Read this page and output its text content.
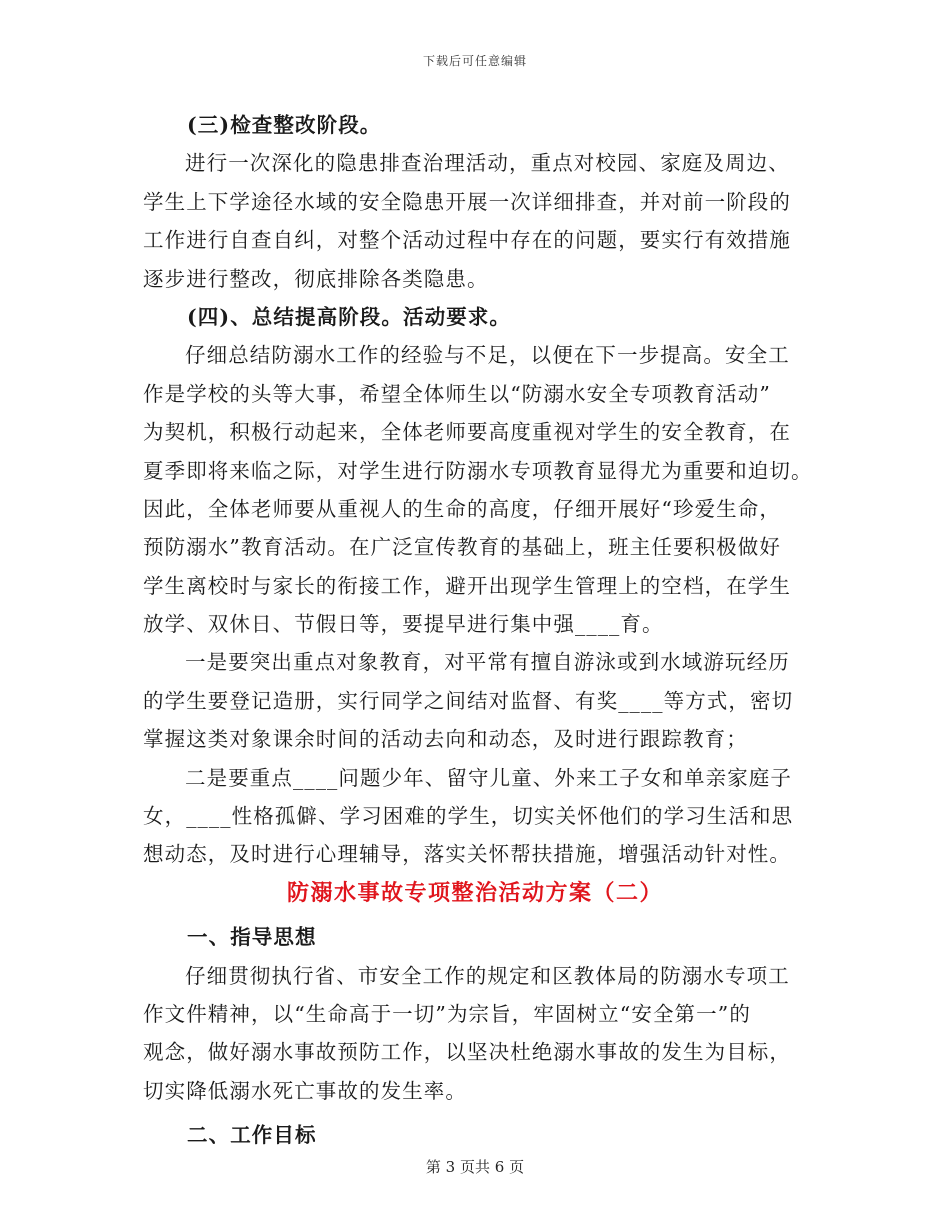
下载后可任意编辑
(三)检查整改阶段。
进行一次深化的隐患排查治理活动，重点对校园、家庭及周边、
学生上下学途径水域的安全隐患开展一次详细排查，并对前一阶段的
工作进行自查自纠，对整个活动过程中存在的问题，要实行有效措施
逐步进行整改，彻底排除各类隐患。
(四)、总结提高阶段。活动要求。
仔细总结防溺水工作的经验与不足，以便在下一步提高。安全工
作是学校的头等大事，希望全体师生以“防溺水安全专项教育活动”
为契机，积极行动起来，全体老师要高度重视对学生的安全教育，在
夏季即将来临之际，对学生进行防溺水专项教育显得尤为重要和迫切。
因此，全体老师要从重视人的生命的高度，仔细开展好“珍爱生命，
预防溺水”教育活动。在广泛宣传教育的基础上，班主任要积极做好
学生离校时与家长的衔接工作，避开出现学生管理上的空档，在学生
放学、双休日、节假日等，要提早进行集中强____育。
一是要突出重点对象教育，对平常有擅自游泳或到水域游玩经历
的学生要登记造册，实行同学之间结对监督、有奖____等方式，密切
掌握这类对象课余时间的活动去向和动态，及时进行跟踪教育；
二是要重点____问题少年、留守儿童、外来工子女和单亲家庭子
女，____性格孤僻、学习困难的学生，切实关怀他们的学习生活和思
想动态，及时进行心理辅导，落实关怀帮扶措施，增强活动针对性。
防溺水事故专项整治活动方案（二）
一、指导思想
仔细贯彻执行省、市安全工作的规定和区教体局的防溺水专项工
作文件精神，以“生命高于一切”为宗旨，牢固树立“安全第一”的
观念，做好溺水事故预防工作，以坚决杜绝溺水事故的发生为目标，
切实降低溺水死亡事故的发生率。
二、工作目标
第 3 页共 6 页
